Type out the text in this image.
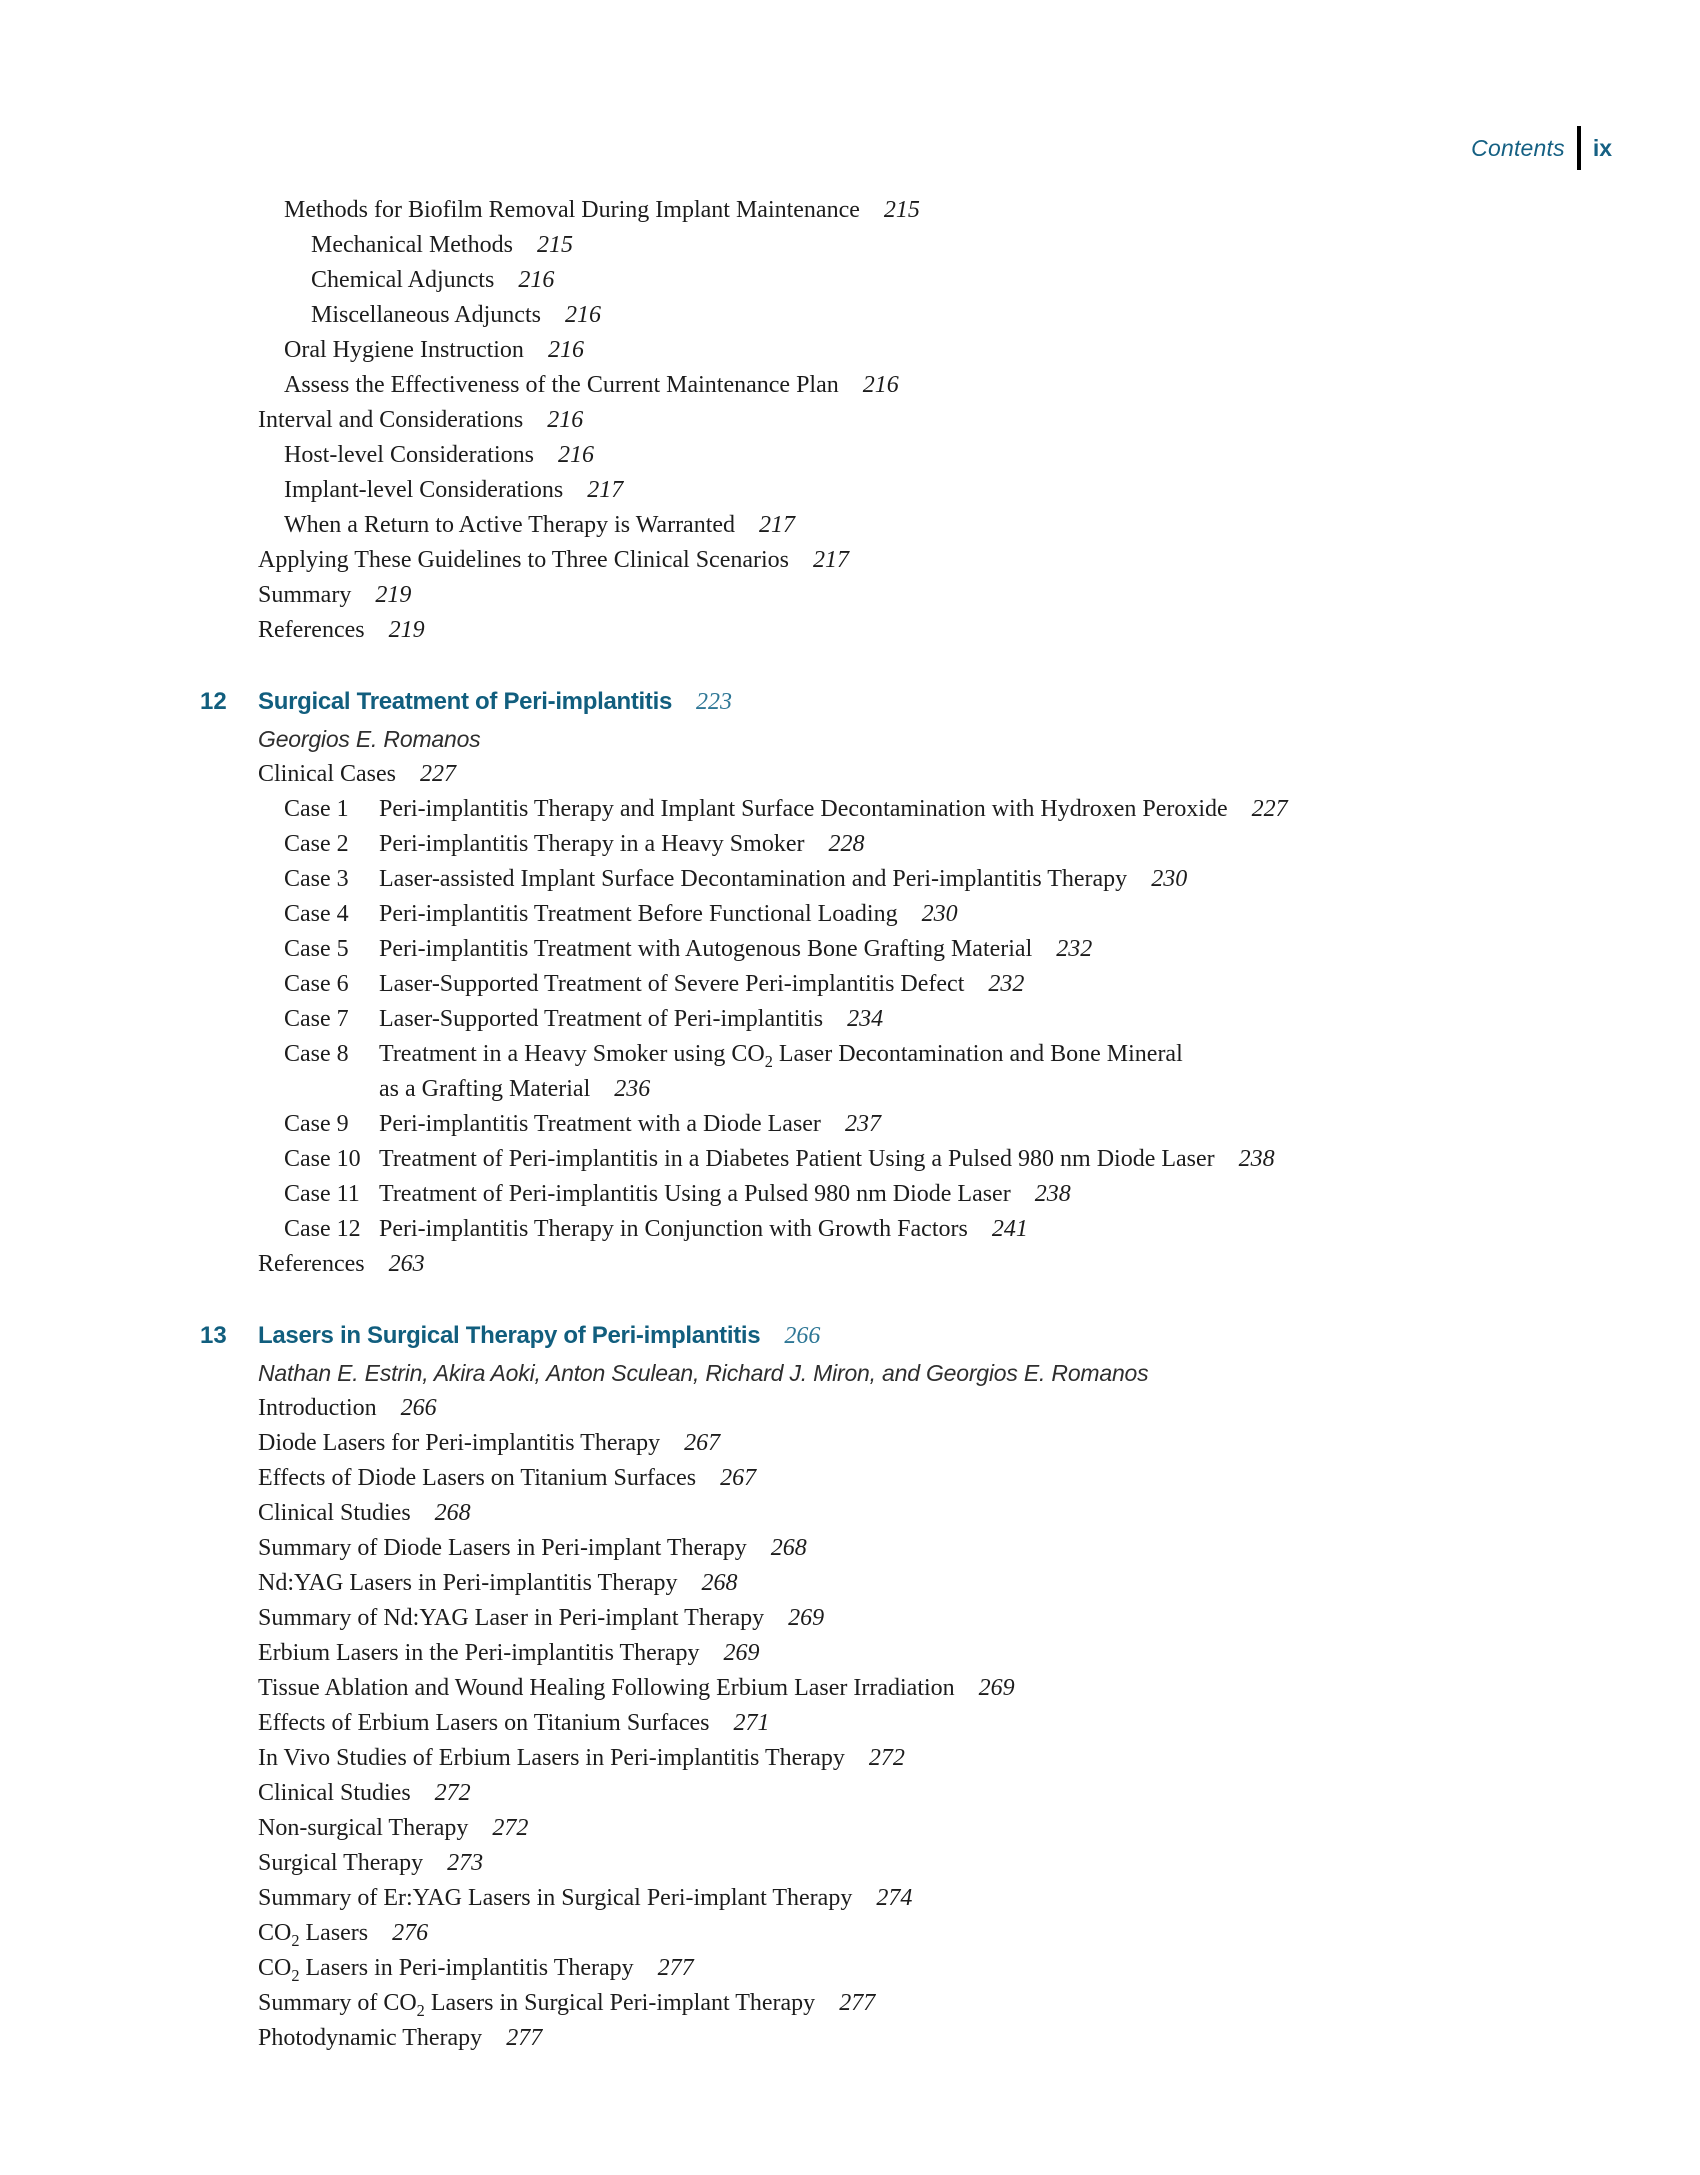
Contents ix
Methods for Biofilm Removal During Implant Maintenance 215
Mechanical Methods 215
Chemical Adjuncts 216
Miscellaneous Adjuncts 216
Oral Hygiene Instruction 216
Assess the Effectiveness of the Current Maintenance Plan 216
Interval and Considerations 216
Host-level Considerations 216
Implant-level Considerations 217
When a Return to Active Therapy is Warranted 217
Applying These Guidelines to Three Clinical Scenarios 217
Summary 219
References 219
12 Surgical Treatment of Peri-implantitis 223
Georgios E. Romanos
Clinical Cases 227
Case 1	Peri-implantitis Therapy and Implant Surface Decontamination with Hydroxen Peroxide 227
Case 2	Peri-implantitis Therapy in a Heavy Smoker 228
Case 3	Laser-assisted Implant Surface Decontamination and Peri-implantitis Therapy 230
Case 4	Peri-implantitis Treatment Before Functional Loading 230
Case 5	Peri-implantitis Treatment with Autogenous Bone Grafting Material 232
Case 6	Laser-Supported Treatment of Severe Peri-implantitis Defect 232
Case 7	Laser-Supported Treatment of Peri-implantitis 234
Case 8	Treatment in a Heavy Smoker using $CO_2$ Laser Decontamination and Bone Mineral
as a Grafting Material 236
Case 9	Peri-implantitis Treatment with a Diode Laser 237
Case 10 Treatment of Peri-implantitis in a Diabetes Patient Using a Pulsed 980 nm Diode Laser 238
Case 11 Treatment of Peri-implantitis Using a Pulsed 980 nm Diode Laser 238
Case 12 Peri-implantitis Therapy in Conjunction with Growth Factors 241
References 263
13 Lasers in Surgical Therapy of Peri-implantitis 266
Nathan E. Estrin, Akira Aoki, Anton Sculean, Richard J. Miron, and Georgios E. Romanos
Introduction 266
Diode Lasers for Peri-implantitis Therapy 267
Effects of Diode Lasers on Titanium Surfaces 267
Clinical Studies 268
Summary of Diode Lasers in Peri-implant Therapy 268
Nd:YAG Lasers in Peri-implantitis Therapy 268
Summary of Nd:YAG Laser in Peri-implant Therapy 269
Erbium Lasers in the Peri-implantitis Therapy 269
Tissue Ablation and Wound Healing Following Erbium Laser Irradiation 269
Effects of Erbium Lasers on Titanium Surfaces 271
In Vivo Studies of Erbium Lasers in Peri-implantitis Therapy 272
Clinical Studies 272
Non-surgical Therapy 272
Surgical Therapy 273
Summary of Er:YAG Lasers in Surgical Peri-implant Therapy 274
$CO_2$ Lasers 276
$CO_2$ Lasers in Peri-implantitis Therapy 277
Summary of $CO_2$ Lasers in Surgical Peri-implant Therapy 277
Photodynamic Therapy 277
